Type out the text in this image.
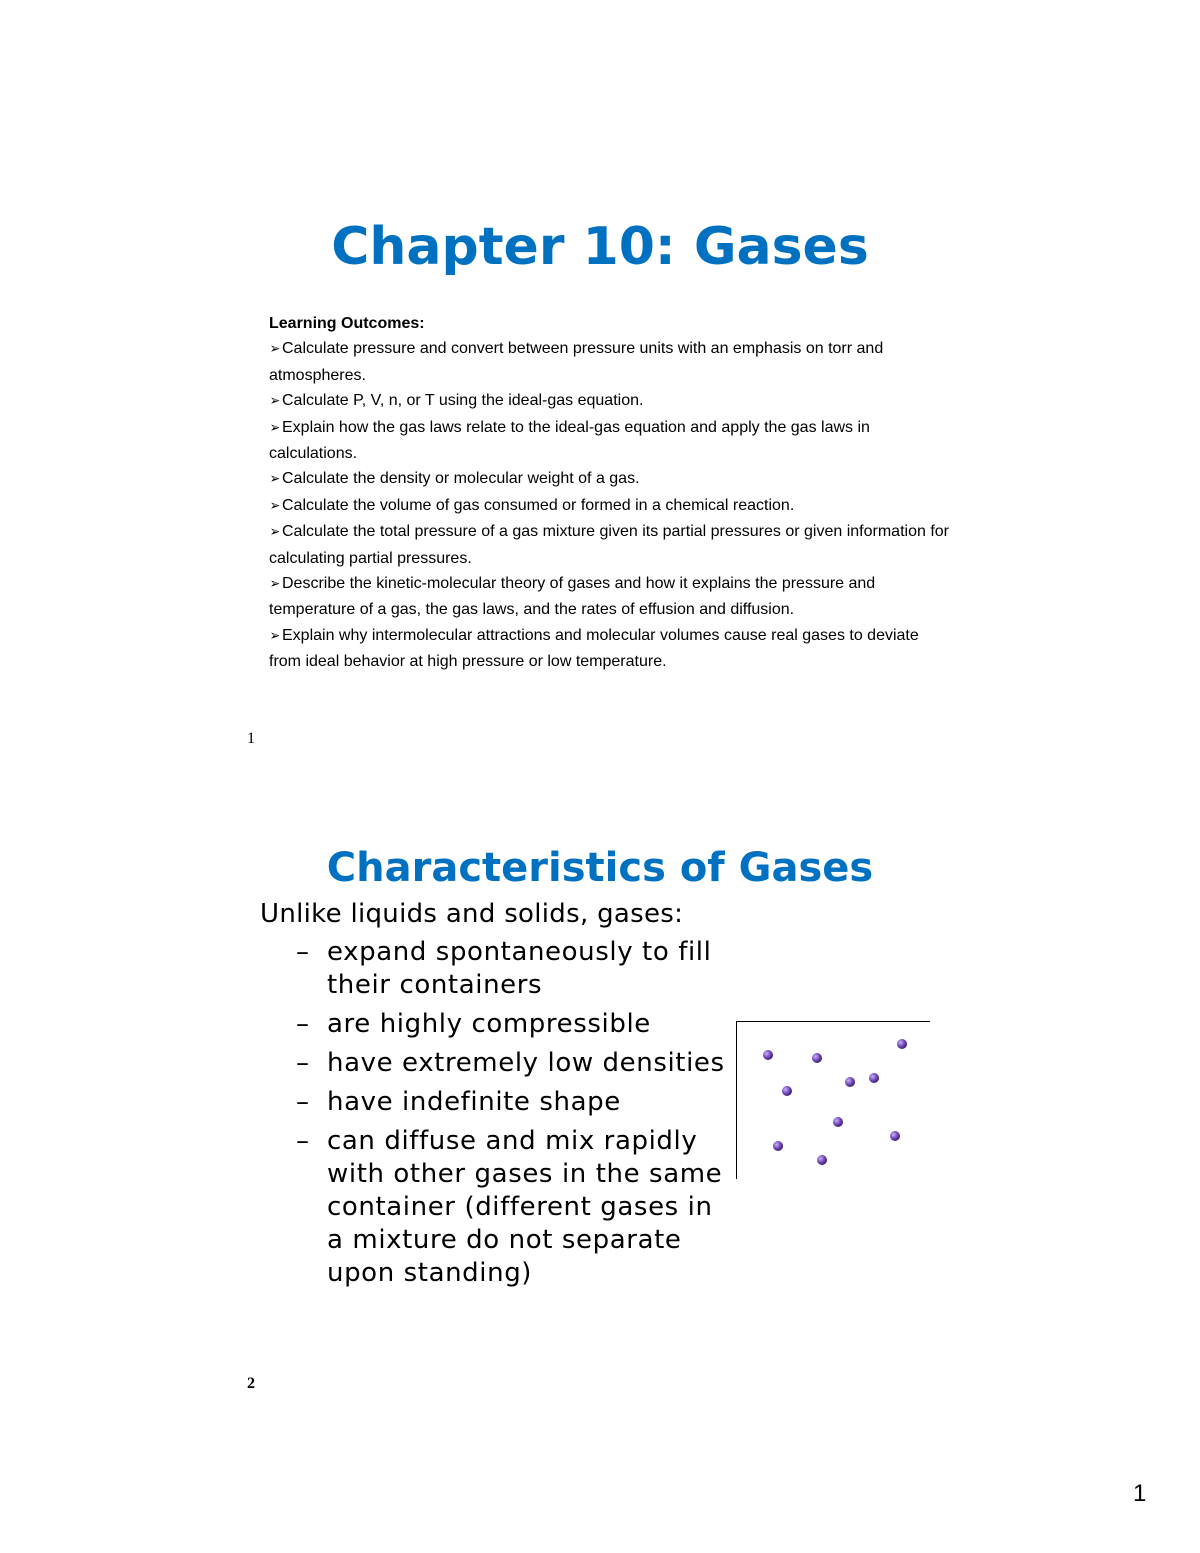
Chapter 10: Gases

Learning Outcomes:

➢ Calculate pressure and convert between pressure units with an emphasis on torr and atmospheres.
➢ Calculate P, V, n, or T using the ideal-gas equation.
➢ Explain how the gas laws relate to the ideal-gas equation and apply the gas laws in calculations.
➢ Calculate the density or molecular weight of a gas.
➢ Calculate the volume of gas consumed or formed in a chemical reaction.
➢ Calculate the total pressure of a gas mixture given its partial pressures or given information for calculating partial pressures.
➢ Describe the kinetic-molecular theory of gases and how it explains the pressure and temperature of a gas, the gas laws, and the rates of effusion and diffusion.
➢ Explain why intermolecular attractions and molecular volumes cause real gases to deviate from ideal behavior at high pressure or low temperature.
1
Characteristics of Gases

Unlike liquids and solids, gases:

– expand spontaneously to fill their containers
– are highly compressible
– have extremely low densities
– have indefinite shape
– can diffuse and mix rapidly with other gases in the same container (different gases in a mixture do not separate upon standing)
2
1
